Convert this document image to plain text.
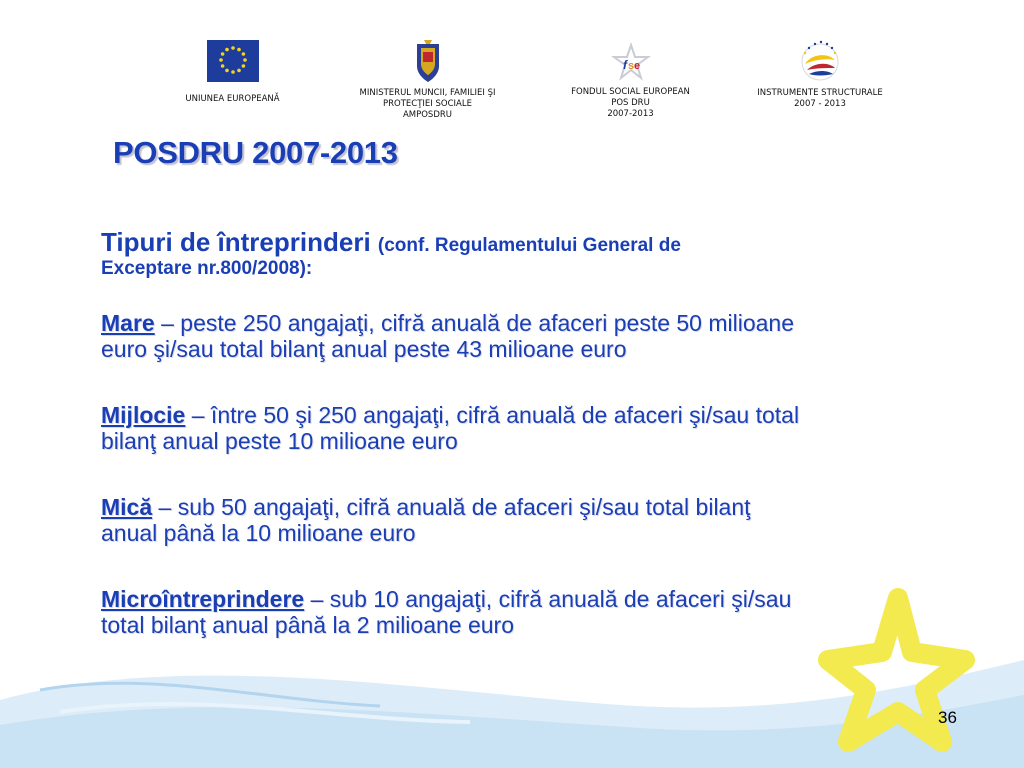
UNIUNEA EUROPEANĂ
MINISTERUL MUNCII, FAMILIEI ŞI
PROTECŢIEI SOCIALE
AMPOSDRU
f s e
FONDUL SOCIAL EUROPEAN
POS DRU
2007-2013
INSTRUMENTE STRUCTURALE
2007 - 2013
POSDRU 2007-2013
Tipuri de întreprinderi (conf. Regulamentului General de
Exceptare nr.800/2008):
Mare – peste 250 angajaţi, cifră anuală de afaceri peste 50 milioane
euro şi/sau total bilanţ anual peste 43 milioane euro
Mijlocie – între 50 şi 250 angajaţi, cifră anuală de afaceri şi/sau total
bilanţ anual peste 10 milioane euro
Mică – sub 50 angajaţi, cifră anuală de afaceri şi/sau total bilanţ
anual până la 10 milioane euro
Microîntreprindere – sub 10 angajaţi, cifră anuală de afaceri şi/sau
total bilanţ anual până la 2 milioane euro
36
